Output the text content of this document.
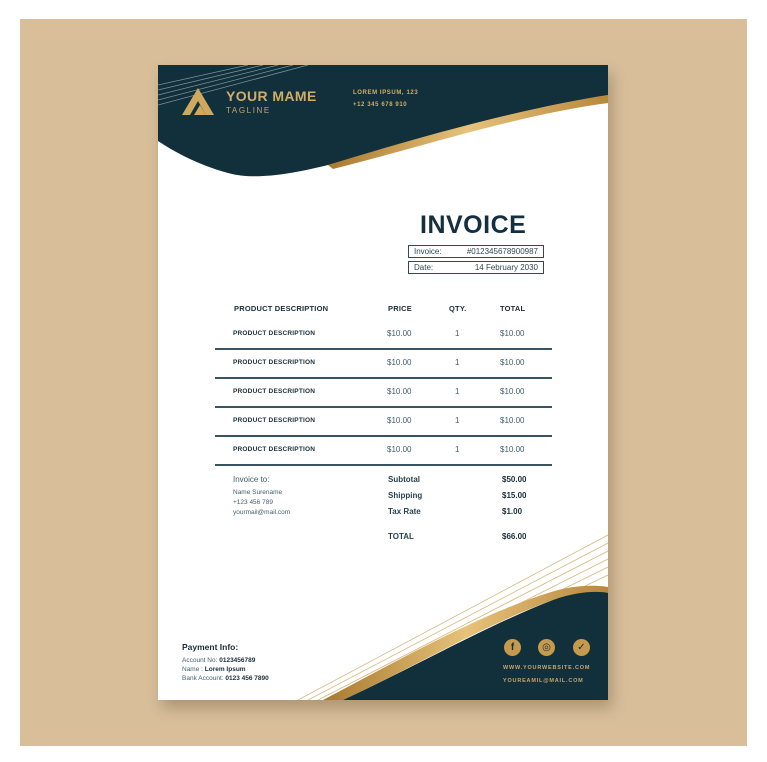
YOUR MAME
TAGLINE
LOREM IPSUM, 123
+12 345 678 910
INVOICE
Invoice:	#012345678900987
Date:	14 February 2030
PRODUCT DESCRIPTION	PRICE	QTY.	TOTAL
PRODUCT DESCRIPTION	$10.00	1	$10.00
PRODUCT DESCRIPTION	$10.00	1	$10.00
PRODUCT DESCRIPTION	$10.00	1	$10.00
PRODUCT DESCRIPTION	$10.00	1	$10.00
PRODUCT DESCRIPTION	$10.00	1	$10.00
Invoice to:
Name Surename
+123 456 789
yourmail@mail.com
Subtotal	$50.00
Shipping	$15.00
Tax Rate	$1.00
TOTAL	$66.00
Payment Info:
Account No: 0123456789
Name : Lorem Ipsum
Bank Account: 0123 456 7890
f	◎	✓
WWW.YOURWEBSITE.COM
YOUREAMIL@MAIL.COM
